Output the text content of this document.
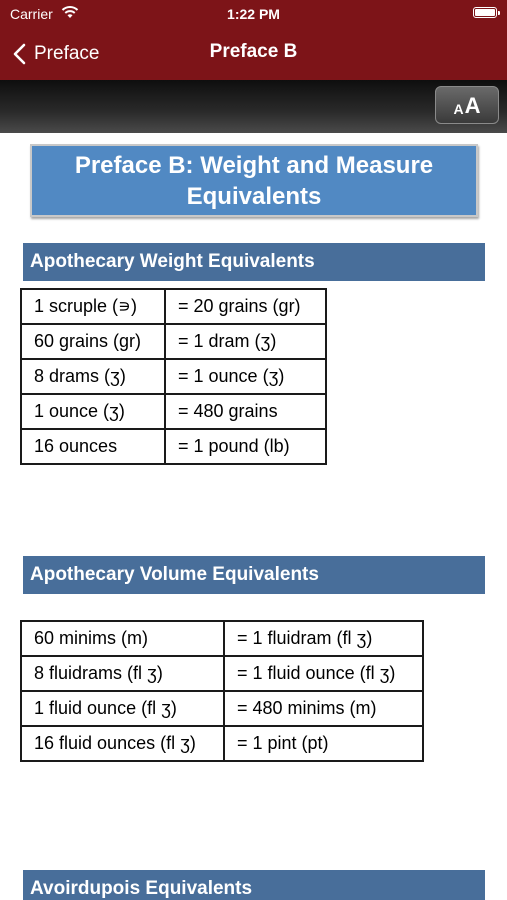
Carrier	1:22 PM
Preface	Preface B
A A
Preface B: Weight and Measure Equivalents
Apothecary Weight Equivalents
1 scruple (∍)	= 20 grains (gr)
60 grains (gr)	= 1 dram (ʒ)
8 drams (ʒ)	= 1 ounce (ʒ)
1 ounce (ʒ)	= 480 grains
16 ounces	= 1 pound (lb)
Apothecary Volume Equivalents
60 minims (m)	= 1 fluidram (fl ʒ)
8 fluidrams (fl ʒ)	= 1 fluid ounce (fl ʒ)
1 fluid ounce (fl ʒ)	= 480 minims (m)
16 fluid ounces (fl ʒ)	= 1 pint (pt)
Avoirdupois Equivalents
